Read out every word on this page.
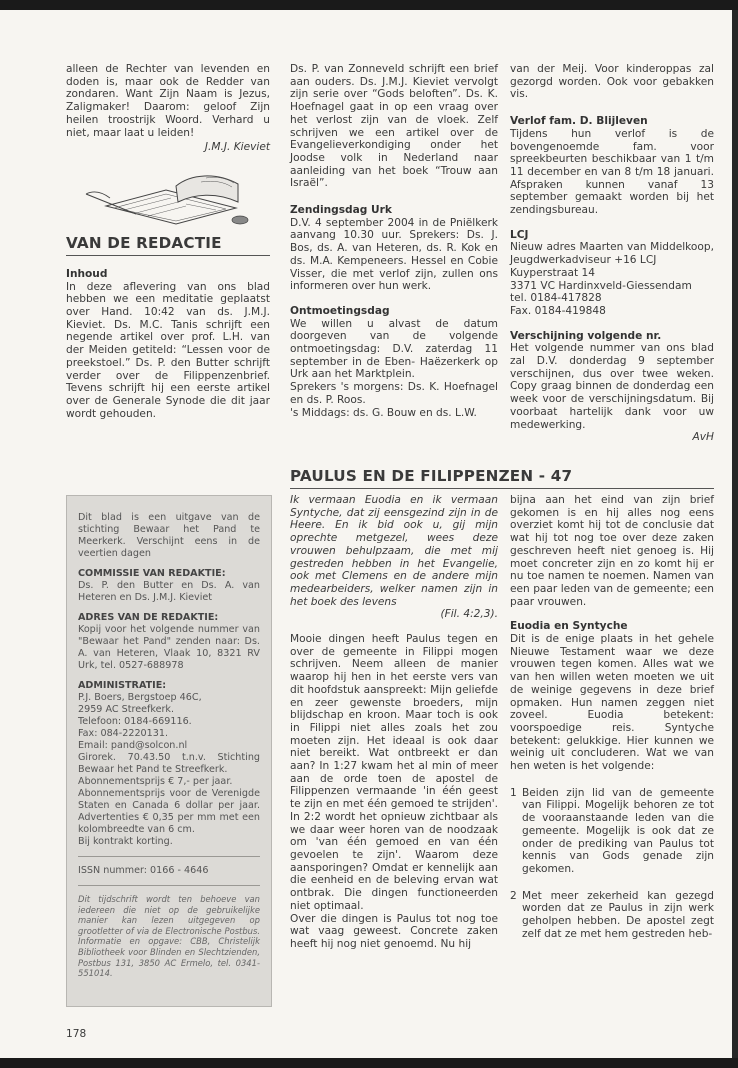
alleen de Rechter van levenden en doden is, maar ook de Redder van zondaren. Want Zijn Naam is Jezus, Zaligmaker! Daarom: geloof Zijn heilen troostrijk Woord. Verhard u niet, maar laat u leiden!

J.M.J. Kieviet

VAN DE REDACTIE

Inhoud

In deze aflevering van ons blad hebben we een meditatie geplaatst over Hand. 10:42 van ds. J.M.J. Kieviet. Ds. M.C. Tanis schrijft een negende artikel over prof. L.H. van der Meiden getiteld: “Lessen voor de preekstoel.” Ds. P. den Butter schrijft verder over de Filippenzenbrief. Tevens schrijft hij een eerste artikel over de Generale Synode die dit jaar wordt gehouden.

Ds. P. van Zonneveld schrijft een brief aan ouders. Ds. J.M.J. Kieviet vervolgt zijn serie over “Gods beloften”. Ds. K. Hoefnagel gaat in op een vraag over het verlost zijn van de vloek. Zelf schrijven we een artikel over de Evangelieverkondiging onder het Joodse volk in Nederland naar aanleiding van het boek “Trouw aan Israël”.

Zendingsdag Urk

D.V. 4 september 2004 in de Pniëlkerk aanvang 10.30 uur. Sprekers: Ds. J. Bos, ds. A. van Heteren, ds. R. Kok en ds. M.A. Kempeneers. Hessel en Cobie Visser, die met verlof zijn, zullen ons informeren over hun werk.

Ontmoetingsdag

We willen u alvast de datum doorgeven van de volgende ontmoetingsdag: D.V. zaterdag 11 september in de Eben- Haëzerkerk op Urk aan het Marktplein.

Sprekers 's morgens: Ds. K. Hoefnagel en ds. P. Roos.

's Middags: ds. G. Bouw en ds. L.W.

van der Meij. Voor kinderoppas zal gezorgd worden. Ook voor gebakken vis.

Verlof fam. D. Blijleven

Tijdens hun verlof is de bovengenoemde fam. voor spreekbeurten beschikbaar van 1 t/m 11 december en van 8 t/m 18 januari. Afspraken kunnen vanaf 13 september gemaakt worden bij het zendingsbureau.

LCJ

Nieuw adres Maarten van Middelkoop, Jeugdwerkadviseur +16 LCJ

Kuyperstraat 14

3371 VC Hardinxveld-Giessendam

tel. 0184-417828

Fax. 0184-419848

Verschijning volgende nr.

Het volgende nummer van ons blad zal D.V. donderdag 9 september verschijnen, dus over twee weken. Copy graag binnen de donderdag een week voor de verschijningsdatum. Bij voorbaat hartelijk dank voor uw medewerking.

AvH

Dit blad is een uitgave van de stichting Bewaar het Pand te Meerkerk. Verschijnt eens in de veertien dagen

COMMISSIE VAN REDAKTIE:

Ds. P. den Butter en Ds. A. van Heteren en Ds. J.M.J. Kieviet

ADRES VAN DE REDAKTIE:

Kopij voor het volgende nummer van "Bewaar het Pand" zenden naar: Ds. A. van Heteren, Vlaak 10, 8321 RV Urk, tel. 0527-688978

ADMINISTRATIE:

P.J. Boers, Bergstoep 46C,

2959 AC Streefkerk.

Telefoon: 0184-669116.

Fax: 084-2220131.

Email: pand@solcon.nl

Girorek. 70.43.50 t.n.v. Stichting Bewaar het Pand te Streefkerk.

Abonnementsprijs € 7,- per jaar.

Abonnementsprijs voor de Verenigde Staten en Canada 6 dollar per jaar. Advertenties € 0,35 per mm met een kolombreedte van 6 cm.

Bij kontrakt korting.

ISSN nummer: 0166 - 4646

Dit tijdschrift wordt ten behoeve van iedereen die niet op de gebruikelijke manier kan lezen uitgegeven op grootletter of via de Electronische Postbus. Informatie en opgave: CBB, Christelijk Bibliotheek voor Blinden en Slechtzienden, Postbus 131, 3850 AC Ermelo, tel. 0341-551014.

PAULUS EN DE FILIPPENZEN - 47

Ik vermaan Euodia en ik vermaan Syntyche, dat zij eensgezind zijn in de Heere. En ik bid ook u, gij mijn oprechte metgezel, wees deze vrouwen behulpzaam, die met mij gestreden hebben in het Evangelie, ook met Clemens en de andere mijn medearbeiders, welker namen zijn in het boek des levens

(Fil. 4:2,3).

Mooie dingen heeft Paulus tegen en over de gemeente in Filippi mogen schrijven. Neem alleen de manier waarop hij hen in het eerste vers van dit hoofdstuk aanspreekt: Mijn geliefde en zeer gewenste broeders, mijn blijdschap en kroon. Maar toch is ook in Filippi niet alles zoals het zou moeten zijn. Het ideaal is ook daar niet bereikt. Wat ontbreekt er dan aan? In 1:27 kwam het al min of meer aan de orde toen de apostel de Filippenzen vermaande 'in één geest te zijn en met één gemoed te strijden'. In 2:2 wordt het opnieuw zichtbaar als we daar weer horen van de noodzaak om 'van één gemoed en van één gevoelen te zijn'. Waarom deze aansporingen? Omdat er kennelijk aan die eenheid en de beleving ervan wat ontbrak. Die dingen functioneerden niet optimaal.

Over die dingen is Paulus tot nog toe wat vaag geweest. Concrete zaken heeft hij nog niet genoemd. Nu hij

bijna aan het eind van zijn brief gekomen is en hij alles nog eens overziet komt hij tot de conclusie dat wat hij tot nog toe over deze zaken geschreven heeft niet genoeg is. Hij moet concreter zijn en zo komt hij er nu toe namen te noemen. Namen van een paar leden van de gemeente; een paar vrouwen.

Euodia en Syntyche

Dit is de enige plaats in het gehele Nieuwe Testament waar we deze vrouwen tegen komen. Alles wat we van hen willen weten moeten we uit de weinige gegevens in deze brief opmaken. Hun namen zeggen niet zoveel. Euodia betekent: voorspoedige reis. Syntyche betekent: gelukkige. Hier kunnen we weinig uit concluderen. Wat we van hen weten is het volgende:

1 Beiden zijn lid van de gemeente van Filippi. Mogelijk behoren ze tot de vooraanstaande leden van die gemeente. Mogelijk is ook dat ze onder de prediking van Paulus tot kennis van Gods genade zijn gekomen.
2 Met meer zekerheid kan gezegd worden dat ze Paulus in zijn werk geholpen hebben. De apostel zegt zelf dat ze met hem gestreden heb-
178
